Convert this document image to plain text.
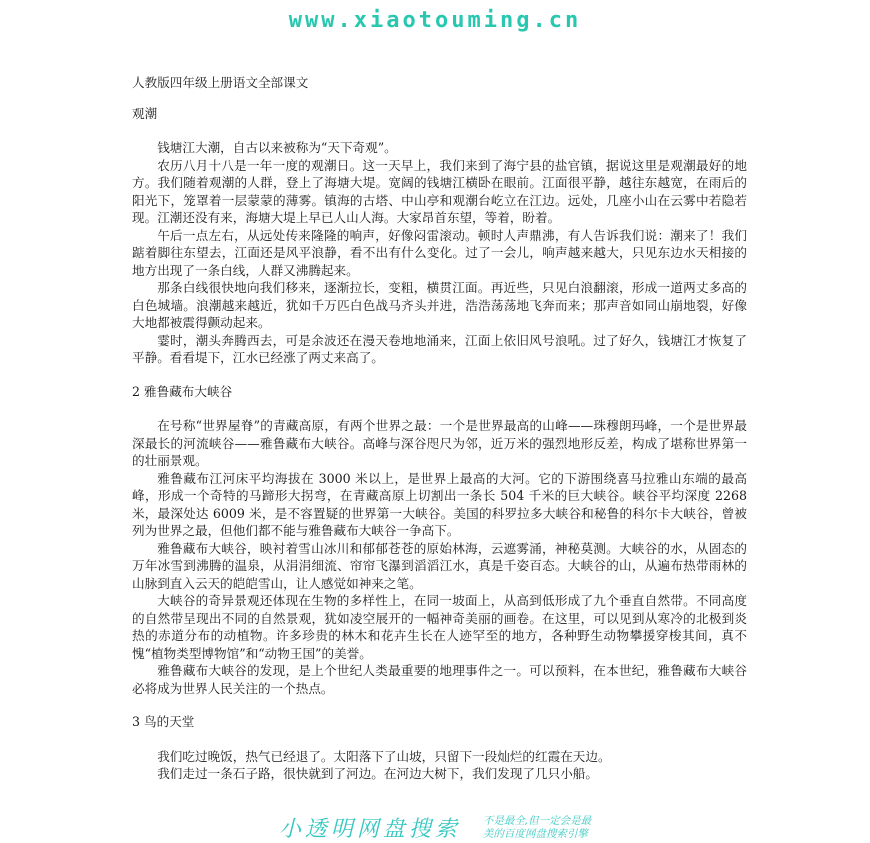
www.xiaotouming.cn

人教版四年级上册语文全部课文

观潮

钱塘江大潮，自古以来被称为“天下奇观”。

农历八月十八是一年一度的观潮日。这一天早上，我们来到了海宁县的盐官镇，据说这里是观潮最好的地方。我们随着观潮的人群，登上了海塘大堤。宽阔的钱塘江横卧在眼前。江面很平静，越往东越宽，在雨后的阳光下，笼罩着一层蒙蒙的薄雾。镇海的古塔、中山亭和观潮台屹立在江边。远处，几座小山在云雾中若隐若现。江潮还没有来，海塘大堤上早已人山人海。大家昂首东望，等着，盼着。

午后一点左右，从远处传来隆隆的响声，好像闷雷滚动。顿时人声鼎沸，有人告诉我们说：潮来了！我们踮着脚往东望去，江面还是风平浪静，看不出有什么变化。过了一会儿，响声越来越大，只见东边水天相接的地方出现了一条白线，人群又沸腾起来。

那条白线很快地向我们移来，逐渐拉长，变粗，横贯江面。再近些，只见白浪翻滚，形成一道两丈多高的白色城墙。浪潮越来越近，犹如千万匹白色战马齐头并进，浩浩荡荡地飞奔而来；那声音如同山崩地裂，好像大地都被震得颤动起来。

霎时，潮头奔腾西去，可是余波还在漫天卷地地涌来，江面上依旧风号浪吼。过了好久，钱塘江才恢复了平静。看看堤下，江水已经涨了两丈来高了。

2 雅鲁藏布大峡谷

在号称“世界屋脊”的青藏高原，有两个世界之最：一个是世界最高的山峰——珠穆朗玛峰，一个是世界最深最长的河流峡谷——雅鲁藏布大峡谷。高峰与深谷咫尺为邻，近万米的强烈地形反差，构成了堪称世界第一的壮丽景观。

雅鲁藏布江河床平均海拔在 3000 米以上，是世界上最高的大河。它的下游围绕喜马拉雅山东端的最高峰，形成一个奇特的马蹄形大拐弯，在青藏高原上切割出一条长 504 千米的巨大峡谷。峡谷平均深度 2268 米，最深处达 6009 米，是不容置疑的世界第一大峡谷。美国的科罗拉多大峡谷和秘鲁的科尔卡大峡谷，曾被列为世界之最，但他们都不能与雅鲁藏布大峡谷一争高下。

雅鲁藏布大峡谷，映衬着雪山冰川和郁郁苍苍的原始林海，云遮雾涌，神秘莫测。大峡谷的水，从固态的万年冰雪到沸腾的温泉，从涓涓细流、帘帘飞瀑到滔滔江水，真是千姿百态。大峡谷的山，从遍布热带雨林的山脉到直入云天的皑皑雪山，让人感觉如神来之笔。

大峡谷的奇异景观还体现在生物的多样性上，在同一坡面上，从高到低形成了九个垂直自然带。不同高度的自然带呈现出不同的自然景观，犹如凌空展开的一幅神奇美丽的画卷。在这里，可以见到从寒冷的北极到炎热的赤道分布的动植物。许多珍贵的林木和花卉生长在人迹罕至的地方，各种野生动物攀援穿梭其间，真不愧“植物类型博物馆”和“动物王国”的美誉。

雅鲁藏布大峡谷的发现，是上个世纪人类最重要的地理事件之一。可以预料，在本世纪，雅鲁藏布大峡谷必将成为世界人民关注的一个热点。

3 鸟的天堂

我们吃过晚饭，热气已经退了。太阳落下了山坡，只留下一段灿烂的红霞在天边。

我们走过一条石子路，很快就到了河边。在河边大树下，我们发现了几只小船。

小透明网盘搜索 不是最全,但一定会是最
美的百度网盘搜索引擎
